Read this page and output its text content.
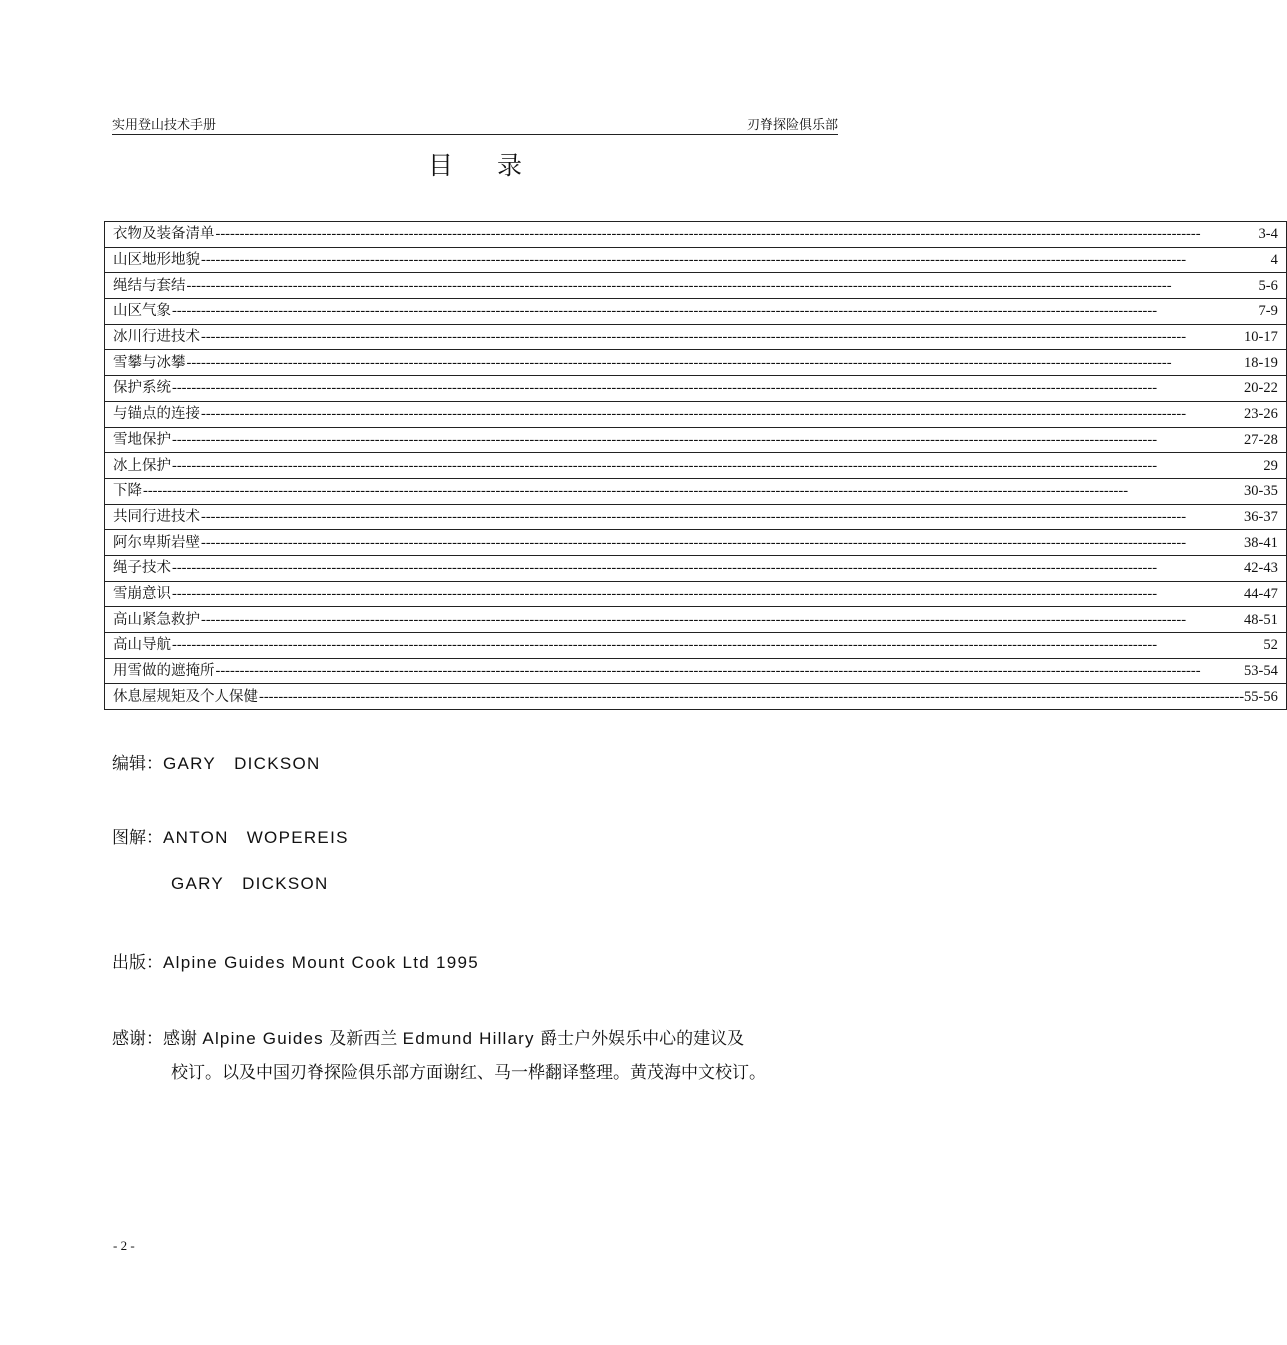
实用登山技术手册	刃脊探险俱乐部
目录
衣物及装备清单 -----	3-4

山区地形地貌 -----	4

绳结与套结 -----	5-6

山区气象 -----	7-9

冰川行进技术 -----	10-17

雪攀与冰攀 -----	18-19

保护系统 -----	20-22

与锚点的连接 -----	23-26

雪地保护 -----	27-28

冰上保护 -----	29

下降 -----	30-35

共同行进技术 -----	36-37

阿尔卑斯岩壁 -----	38-41

绳子技术 -----	42-43

雪崩意识 -----	44-47

高山紧急救护 -----	48-51

高山导航 -----	52

用雪做的遮掩所 -----	53-54

休息屋规矩及个人保健 -----	55-56
编辑：GARY DICKSON
图解：ANTON WOPEREIS
GARY DICKSON
出版：Alpine Guides Mount Cook Ltd 1995
感谢：感谢 Alpine Guides 及新西兰 Edmund Hillary 爵士户外娱乐中心的建议及
校订。以及中国刃脊探险俱乐部方面谢红、马一桦翻译整理。黄茂海中文校订。
- 2 -
